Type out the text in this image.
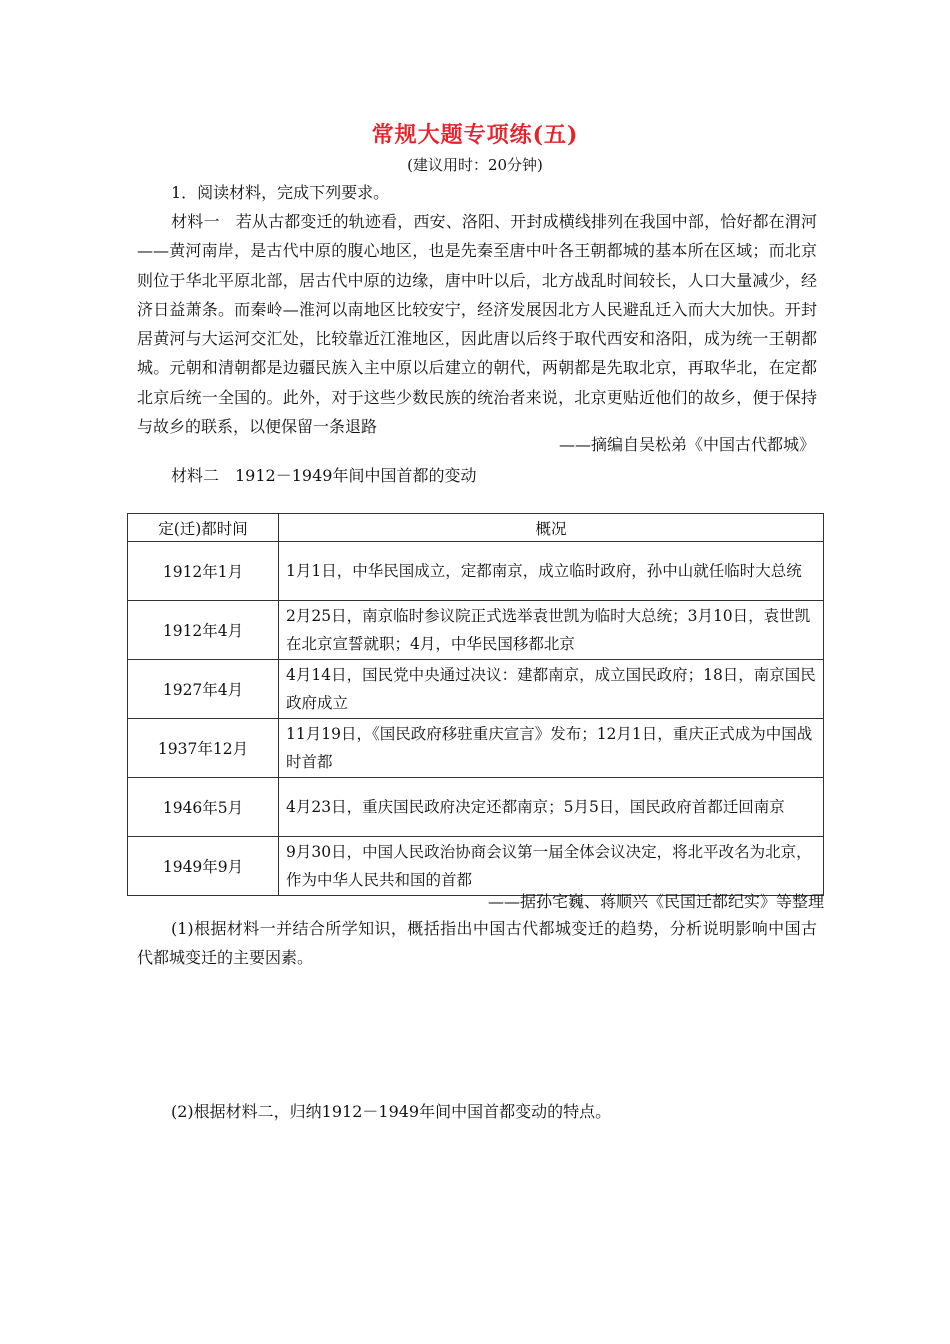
常规大题专项练(五)
(建议用时：20分钟)
1．阅读材料，完成下列要求。
材料一　若从古都变迁的轨迹看，西安、洛阳、开封成横线排列在我国中部，恰好都在渭河——黄河南岸，是古代中原的腹心地区，也是先秦至唐中叶各王朝都城的基本所在区域；而北京则位于华北平原北部，居古代中原的边缘，唐中叶以后，北方战乱时间较长，人口大量减少，经济日益萧条。而秦岭—淮河以南地区比较安宁，经济发展因北方人民避乱迁入而大大加快。开封居黄河与大运河交汇处，比较靠近江淮地区，因此唐以后终于取代西安和洛阳，成为统一王朝都城。元朝和清朝都是边疆民族入主中原以后建立的朝代，两朝都是先取北京，再取华北，在定都北京后统一全国的。此外，对于这些少数民族的统治者来说，北京更贴近他们的故乡，便于保持与故乡的联系，以便保留一条退路
——摘编自吴松弟《中国古代都城》
材料二　1912－1949年间中国首都的变动
定(迁)都时间	概况
1912年1月	1月1日，中华民国成立，定都南京，成立临时政府，孙中山就任临时大总统
1912年4月	2月25日，南京临时参议院正式选举袁世凯为临时大总统；3月10日，袁世凯在北京宣誓就职；4月，中华民国移都北京
1927年4月	4月14日，国民党中央通过决议：建都南京，成立国民政府；18日，南京国民政府成立
1937年12月	11月19日，《国民政府移驻重庆宣言》发布；12月1日，重庆正式成为中国战时首都
1946年5月	4月23日，重庆国民政府决定还都南京；5月5日，国民政府首都迁回南京
1949年9月	9月30日，中国人民政治协商会议第一届全体会议决定，将北平改名为北京，作为中华人民共和国的首都
——据孙宅巍、蒋顺兴《民国迁都纪实》等整理
(1)根据材料一并结合所学知识，概括指出中国古代都城变迁的趋势，分析说明影响中国古代都城变迁的主要因素。
(2)根据材料二，归纳1912－1949年间中国首都变动的特点。
